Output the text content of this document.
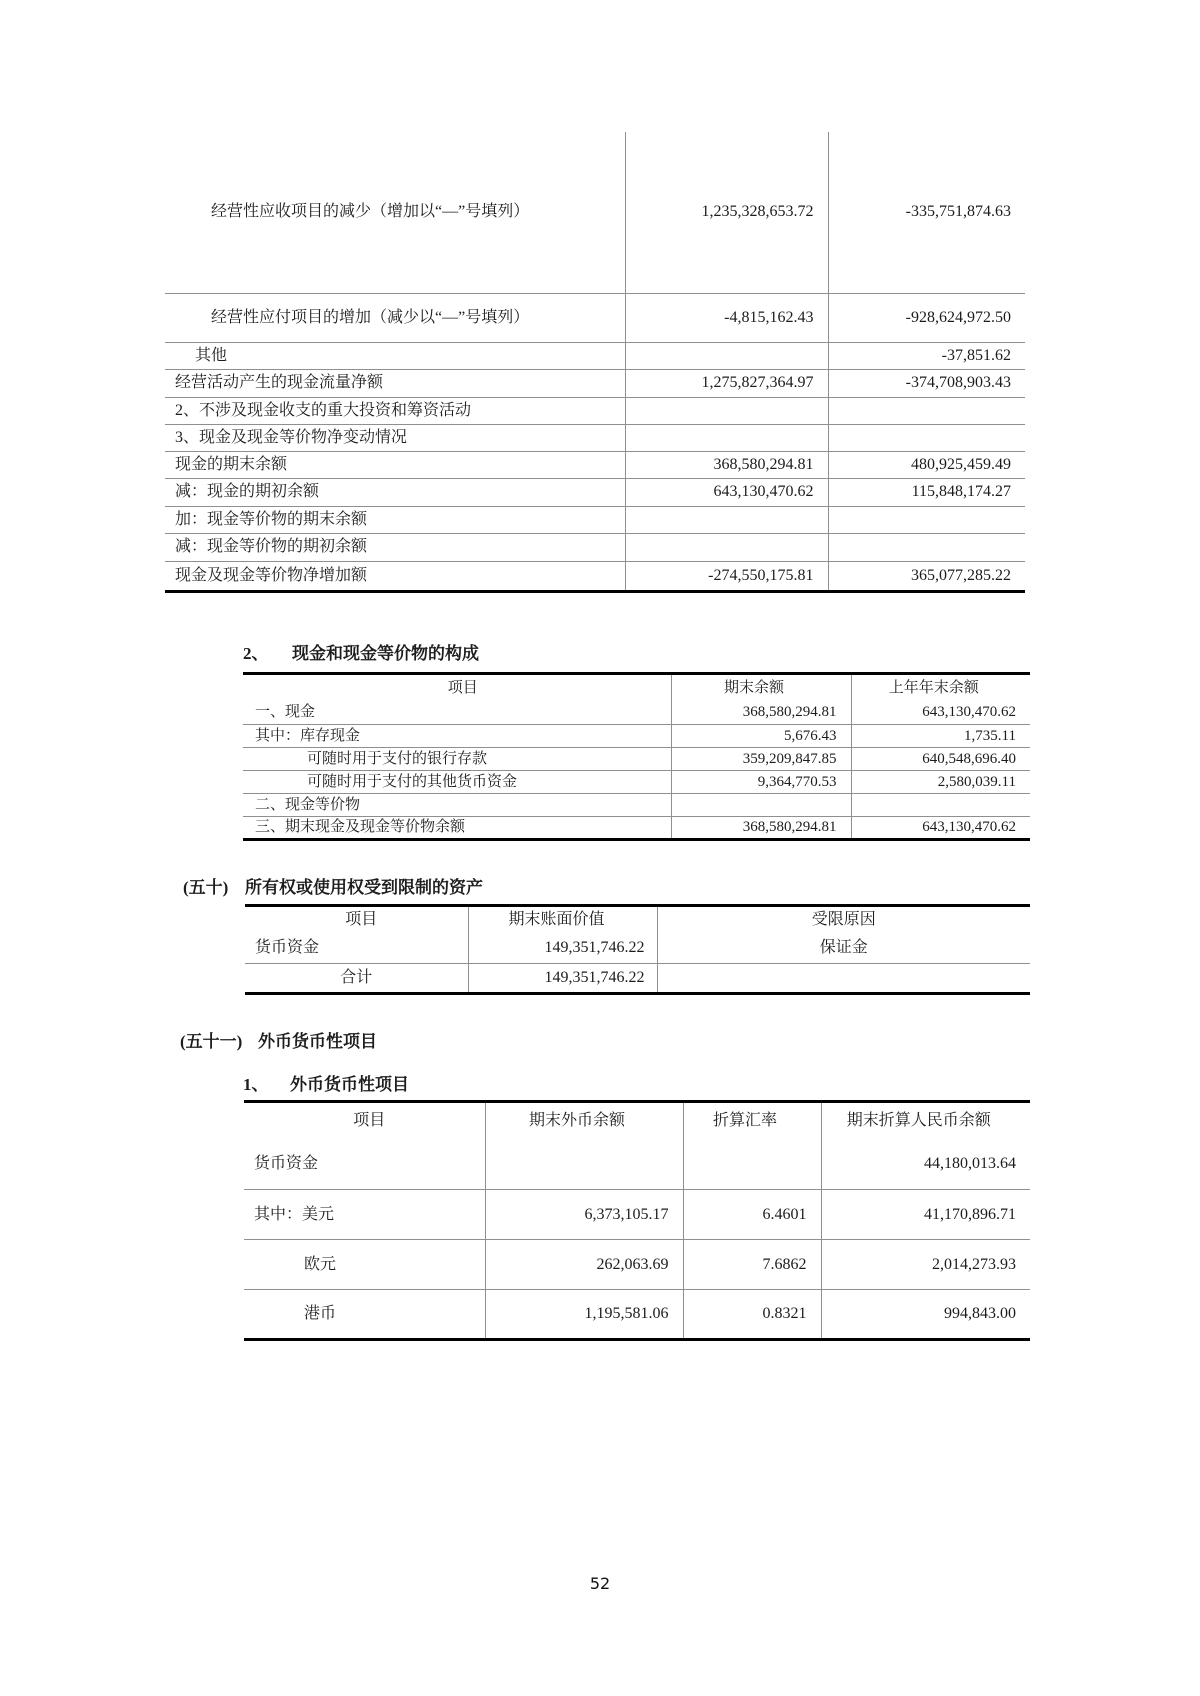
经营性应收项目的减少（增加以“—”号填列）	1,235,328,653.72	-335,751,874.63
经营性应付项目的增加（减少以“—”号填列）	-4,815,162.43	-928,624,972.50
其他		-37,851.62
经营活动产生的现金流量净额	1,275,827,364.97	-374,708,903.43
2、不涉及现金收支的重大投资和筹资活动		
3、现金及现金等价物净变动情况		
现金的期末余额	368,580,294.81	480,925,459.49
减：现金的期初余额	643,130,470.62	115,848,174.27
加：现金等价物的期末余额		
减：现金等价物的期初余额		
现金及现金等价物净增加额	-274,550,175.81	365,077,285.22
2、	现金和现金等价物的构成
项目	期末余额	上年年末余额
一、现金	368,580,294.81	643,130,470.62
其中：库存现金	5,676.43	1,735.11
可随时用于支付的银行存款	359,209,847.85	640,548,696.40
可随时用于支付的其他货币资金	9,364,770.53	2,580,039.11
二、现金等价物		
三、期末现金及现金等价物余额	368,580,294.81	643,130,470.62
(五十) 所有权或使用权受到限制的资产
项目	期末账面价值	受限原因
货币资金	149,351,746.22	保证金
合计	149,351,746.22	
(五十一) 外币货币性项目
1、	外币货币性项目
项目	期末外币余额	折算汇率	期末折算人民币余额
货币资金			44,180,013.64
其中：美元	6,373,105.17	6.4601	41,170,896.71
欧元	262,063.69	7.6862	2,014,273.93
港币	1,195,581.06	0.8321	994,843.00
52
